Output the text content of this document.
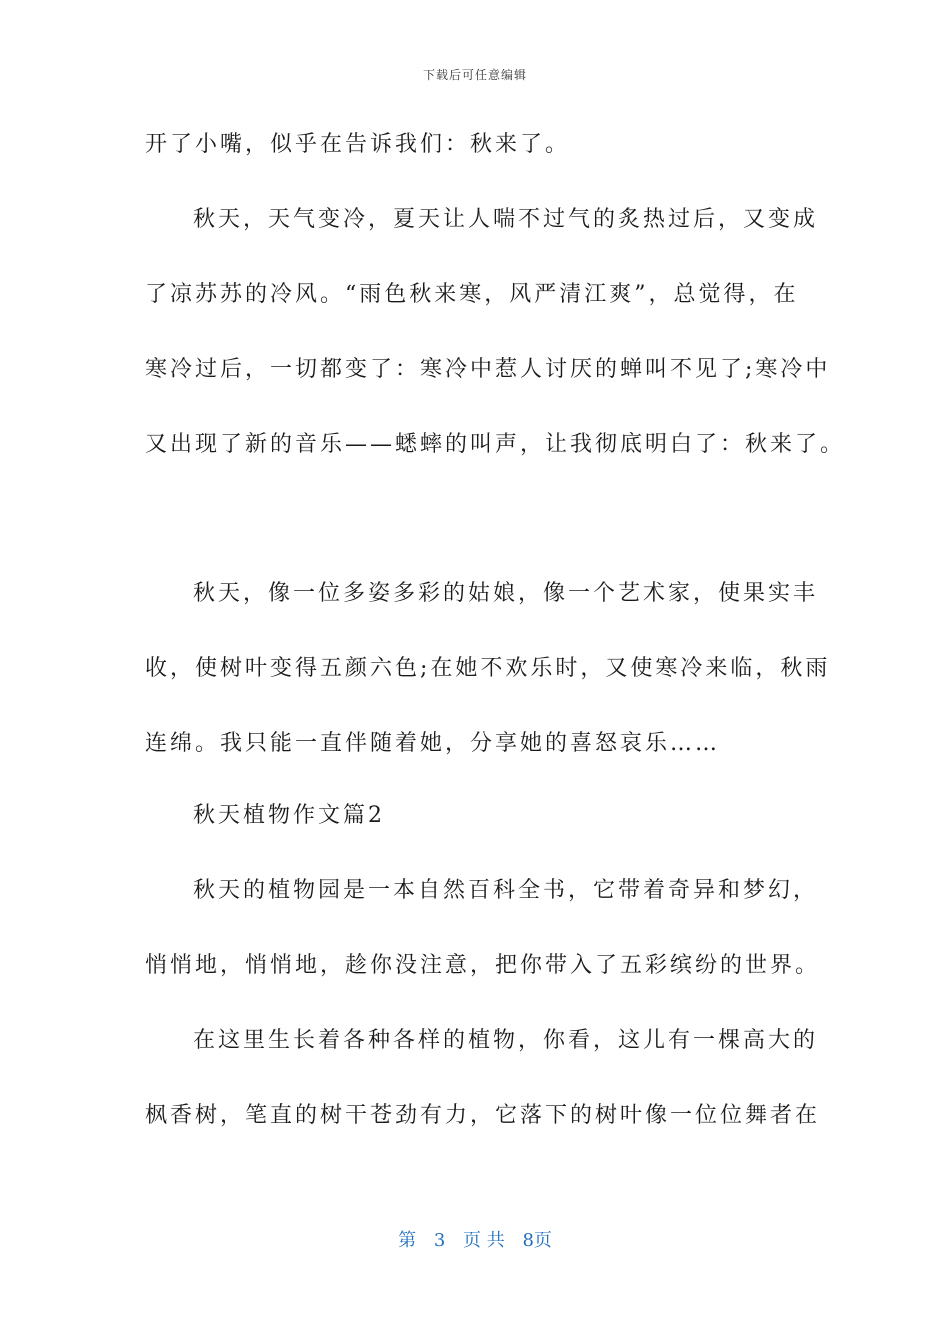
下载后可任意编辑
开了小嘴，似乎在告诉我们：秋来了。
秋天，天气变冷，夏天让人喘不过气的炙热过后，又变成
了凉苏苏的冷风。“雨色秋来寒，风严清江爽”，总觉得，在
寒冷过后，一切都变了：寒冷中惹人讨厌的蝉叫不见了;寒冷中
又出现了新的音乐——蟋蟀的叫声，让我彻底明白了：秋来了。
秋天，像一位多姿多彩的姑娘，像一个艺术家，使果实丰
收，使树叶变得五颜六色;在她不欢乐时，又使寒冷来临，秋雨
连绵。我只能一直伴随着她，分享她的喜怒哀乐……
秋天植物作文篇2
秋天的植物园是一本自然百科全书，它带着奇异和梦幻，
悄悄地，悄悄地，趁你没注意，把你带入了五彩缤纷的世界。
在这里生长着各种各样的植物，你看，这儿有一棵高大的
枫香树，笔直的树干苍劲有力，它落下的树叶像一位位舞者在
第 3 页 共 8页
